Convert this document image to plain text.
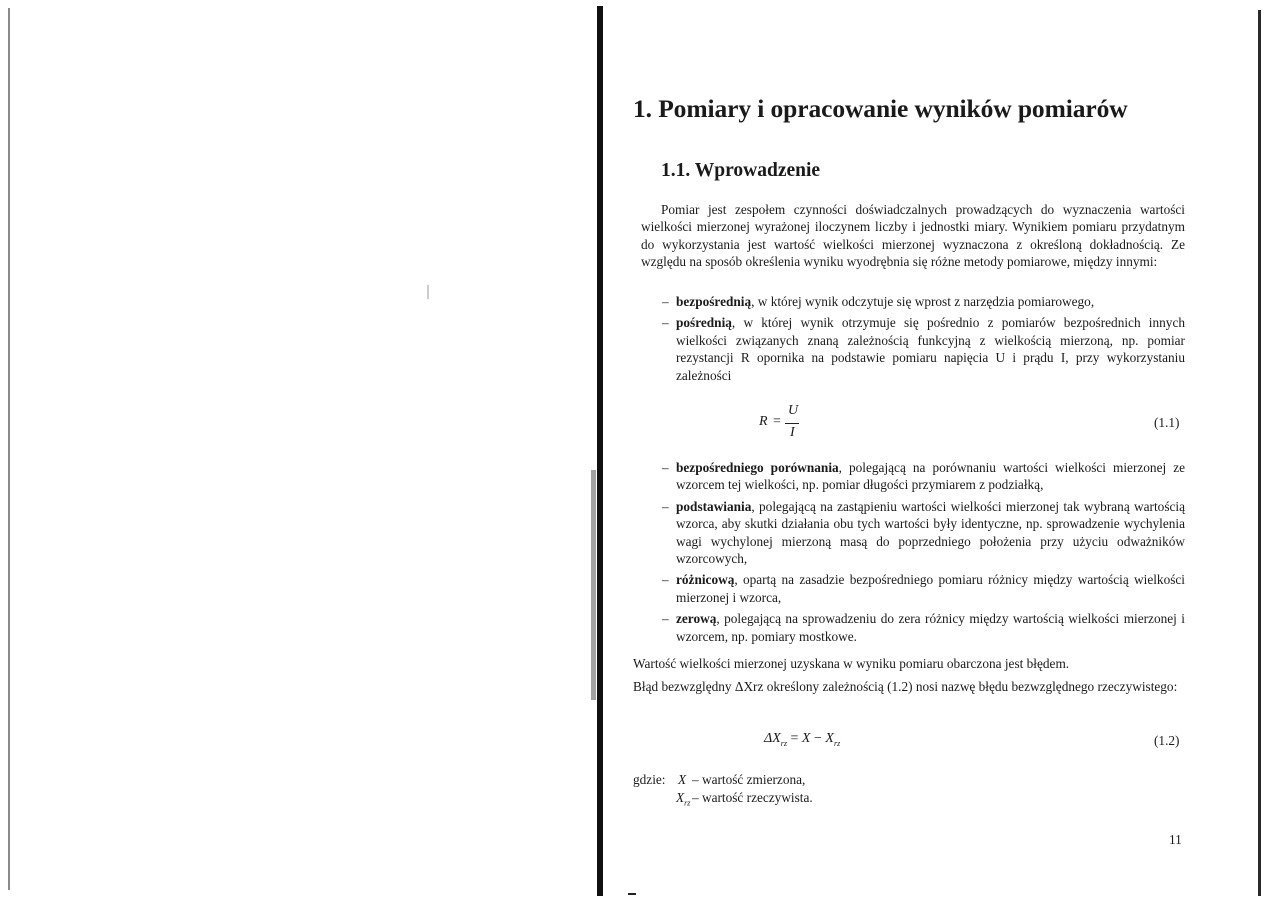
1. Pomiary i opracowanie wyników pomiarów
1.1. Wprowadzenie

Pomiar jest zespołem czynności doświadczalnych prowadzących do wyznaczenia wartości wielkości mierzonej wyrażonej iloczynem liczby i jednostki miary. Wynikiem pomiaru przydatnym do wykorzystania jest wartość wielkości mierzonej wyznaczona z określoną dokładnością. Ze względu na sposób określenia wyniku wyodrębnia się różne metody pomiarowe, między innymi:

– bezpośrednią, w której wynik odczytuje się wprost z narzędzia pomiarowego,
– pośrednią, w której wynik otrzymuje się pośrednio z pomiarów bezpośrednich innych wielkości związanych znaną zależnością funkcyjną z wielkością mierzoną, np. pomiar rezystancji R opornika na podstawie pomiaru napięcia U i prądu I, przy wykorzystaniu zależności
R =
U
I
(1.1)
– bezpośredniego porównania, polegającą na porównaniu wartości wielkości mierzonej ze wzorcem tej wielkości, np. pomiar długości przymiarem z podziałką,
– podstawiania, polegającą na zastąpieniu wartości wielkości mierzonej tak wybraną wartością wzorca, aby skutki działania obu tych wartości były identyczne, np. sprowadzenie wychylenia wagi wychylonej mierzoną masą do poprzedniego położenia przy użyciu odważników wzorcowych,
– różnicową, opartą na zasadzie bezpośredniego pomiaru różnicy między wartością wielkości mierzonej i wzorca,
– zerową, polegającą na sprowadzeniu do zera różnicy między wartością wielkości mierzonej i wzorcem, np. pomiary mostkowe.

Wartość wielkości mierzonej uzyskana w wyniku pomiaru obarczona jest błędem.

Błąd bezwzględny ΔXrz określony zależnością (1.2) nosi nazwę błędu bezwzględnego rzeczywistego:

$\Delta X_{rz} = X - X_{rz}$	(1.2)
gdzie: X – wartość zmierzona,
$X_{rz}$ – wartość rzeczywista.
11
